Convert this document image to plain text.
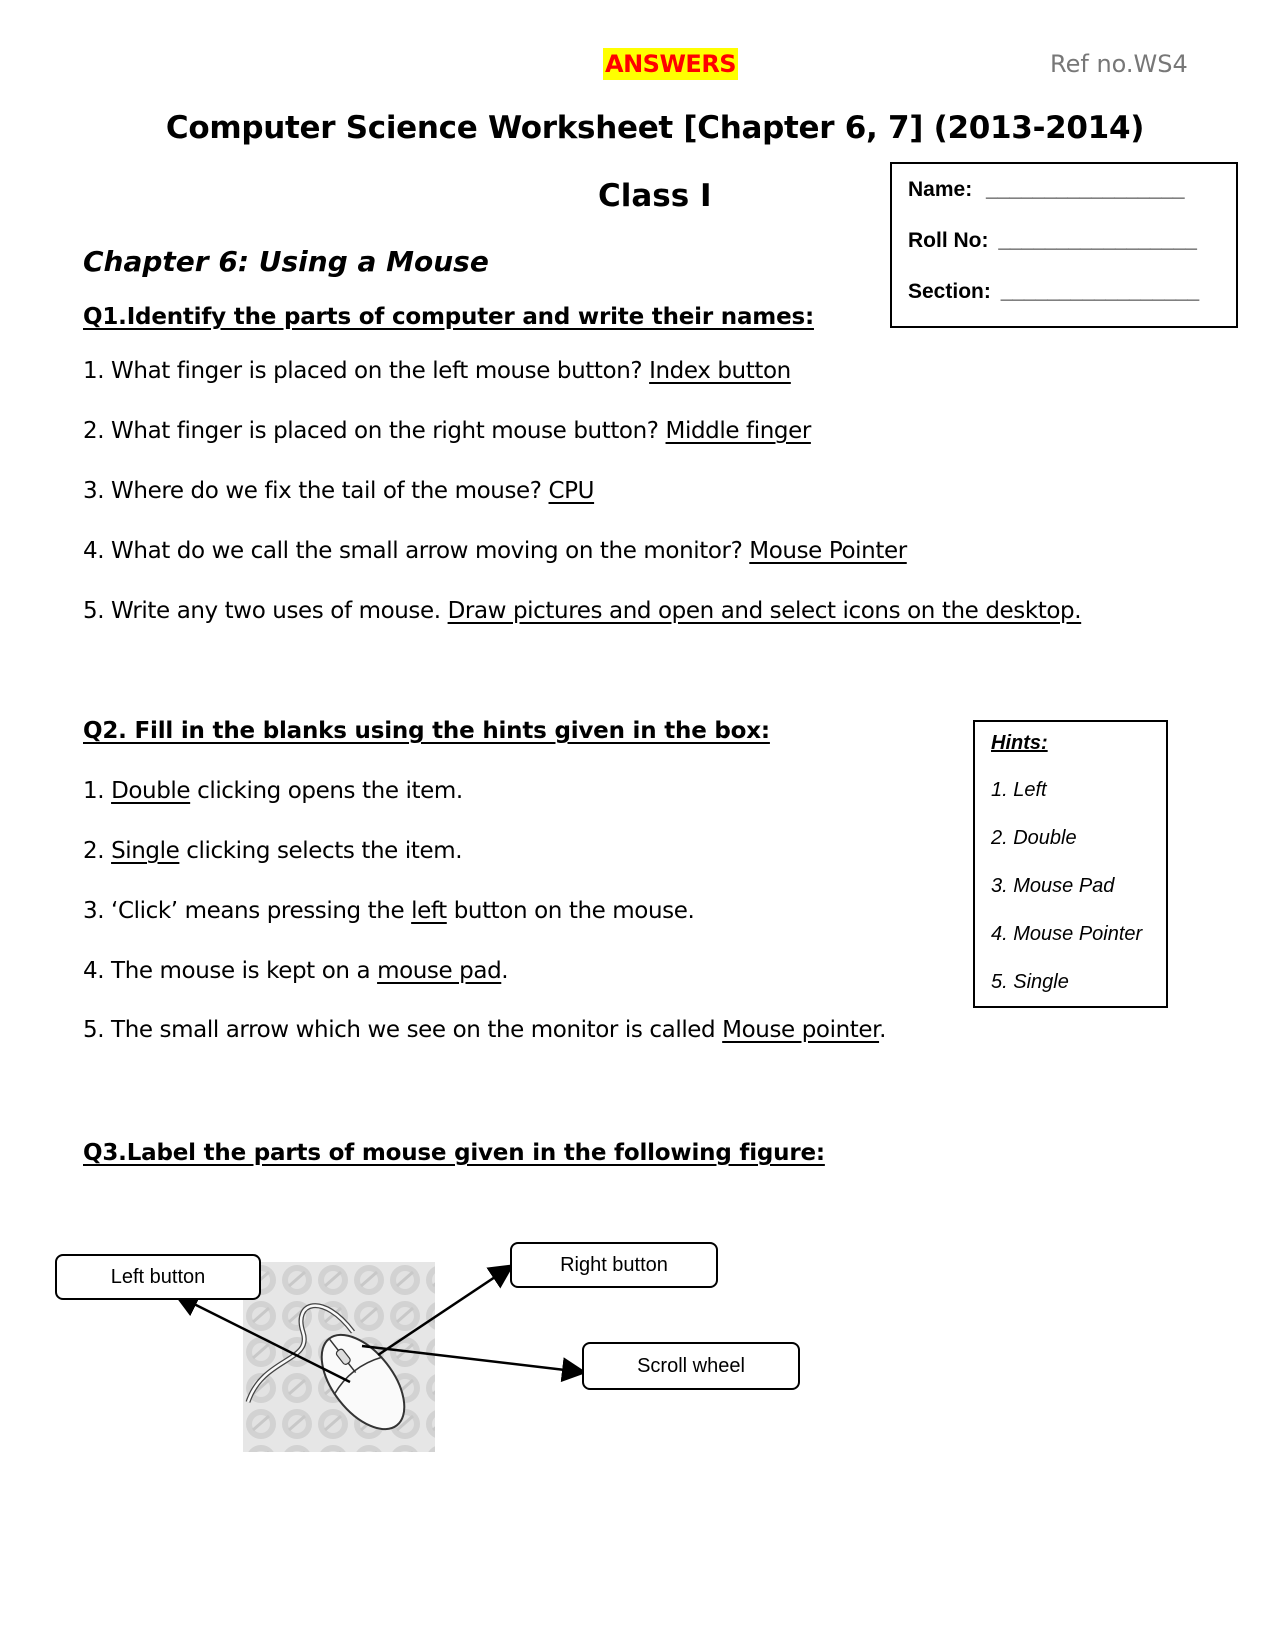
ANSWERS	Ref no.WS4
Computer Science Worksheet [Chapter 6, 7] (2013-2014)
Class I	Name: _________________
Roll No: _________________
Section: _________________
Chapter 6: Using a Mouse
Q1.Identify the parts of computer and write their names:
1. What finger is placed on the left mouse button? Index button
2. What finger is placed on the right mouse button? Middle finger
3. Where do we fix the tail of the mouse? CPU
4. What do we call the small arrow moving on the monitor? Mouse Pointer
5. Write any two uses of mouse. Draw pictures and open and select icons on the desktop.
Q2. Fill in the blanks using the hints given in the box:
1. Double clicking opens the item.
2. Single clicking selects the item.
3. ‘Click’ means pressing the left button on the mouse.
4. The mouse is kept on a mouse pad.
5. The small arrow which we see on the monitor is called Mouse pointer.
Hints:
1. Left
2. Double
3. Mouse Pad
4. Mouse Pointer
5. Single
Q3.Label the parts of mouse given in the following figure:
Left button
Right button
Scroll wheel
